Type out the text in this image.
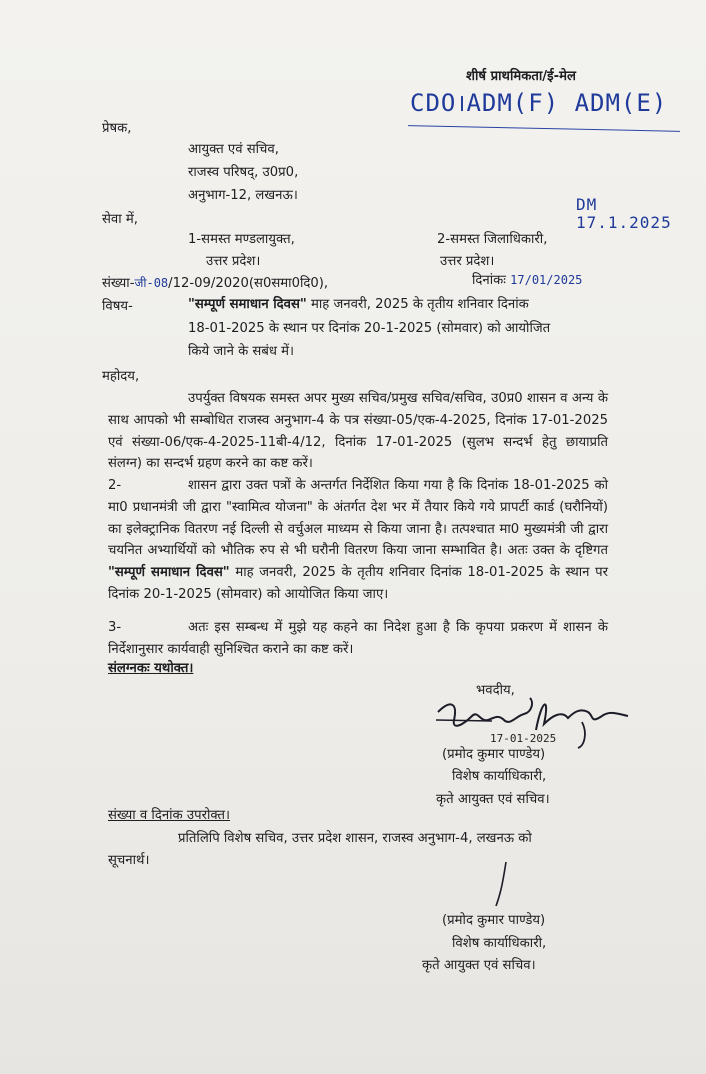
शीर्ष प्राथमिकता/ई-मेल
CDO।ADM(F) ADM(E)
प्रेषक,
आयुक्त एवं सचिव,
राजस्व परिषद्, उ0प्र0,
अनुभाग-12, लखनऊ।
सेवा में,
DM 17.1.2025
1-समस्त मण्डलायुक्त,
उत्तर प्रदेश।
2-समस्त जिलाधिकारी,
उत्तर प्रदेश।
संख्या-जी-08/12-09/2020(स0समा0दि0),	दिनांकः 17/01/2025
विषय-	"सम्पूर्ण समाधान दिवस" माह जनवरी, 2025 के तृतीय शनिवार दिनांक
18-01-2025 के स्थान पर दिनांक 20-1-2025 (सोमवार) को आयोजित
किये जाने के सबंध में।
महोदय,
उपर्युक्त विषयक समस्त अपर मुख्य सचिव/प्रमुख सचिव/सचिव, उ0प्र0 शासन व अन्य के साथ आपको भी सम्बोधित राजस्व अनुभाग-4 के पत्र संख्या-05/एक-4-2025, दिनांक 17-01-2025 एवं संख्या-06/एक-4-2025-11बी-4/12, दिनांक 17-01-2025 (सुलभ सन्दर्भ हेतु छायाप्रति संलग्न) का सन्दर्भ ग्रहण करने का कष्ट करें।
2-	शासन द्वारा उक्त पत्रों के अन्तर्गत निर्देशित किया गया है कि दिनांक 18-01-2025 को मा0 प्रधानमंत्री जी द्वारा "स्वामित्व योजना" के अंतर्गत देश भर में तैयार किये गये प्रापर्टी कार्ड (घरौनियों) का इलेक्ट्रानिक वितरण नई दिल्ली से वर्चुअल माध्यम से किया जाना है। तत्पश्चात मा0 मुख्यमंत्री जी द्वारा चयनित अभ्यार्थियों को भौतिक रुप से भी घरौनी वितरण किया जाना सम्भावित है। अतः उक्त के दृष्टिगत "सम्पूर्ण समाधान दिवस" माह जनवरी, 2025 के तृतीय शनिवार दिनांक 18-01-2025 के स्थान पर दिनांक 20-1-2025 (सोमवार) को आयोजित किया जाए।
3-	अतः इस सम्बन्ध में मुझे यह कहने का निदेश हुआ है कि कृपया प्रकरण में शासन के निर्देशानुसार कार्यवाही सुनिश्चित कराने का कष्ट करें।
संलग्नकः यथोक्त।
भवदीय,
17-01-2025
(प्रमोद कुमार पाण्डेय)
विशेष कार्याधिकारी,
कृते आयुक्त एवं सचिव।
संख्या व दिनांक उपरोक्त।
प्रतिलिपि विशेष सचिव, उत्तर प्रदेश शासन, राजस्व अनुभाग-4, लखनऊ को
सूचनार्थ।
(प्रमोद कुमार पाण्डेय)
विशेष कार्याधिकारी,
कृते आयुक्त एवं सचिव।
